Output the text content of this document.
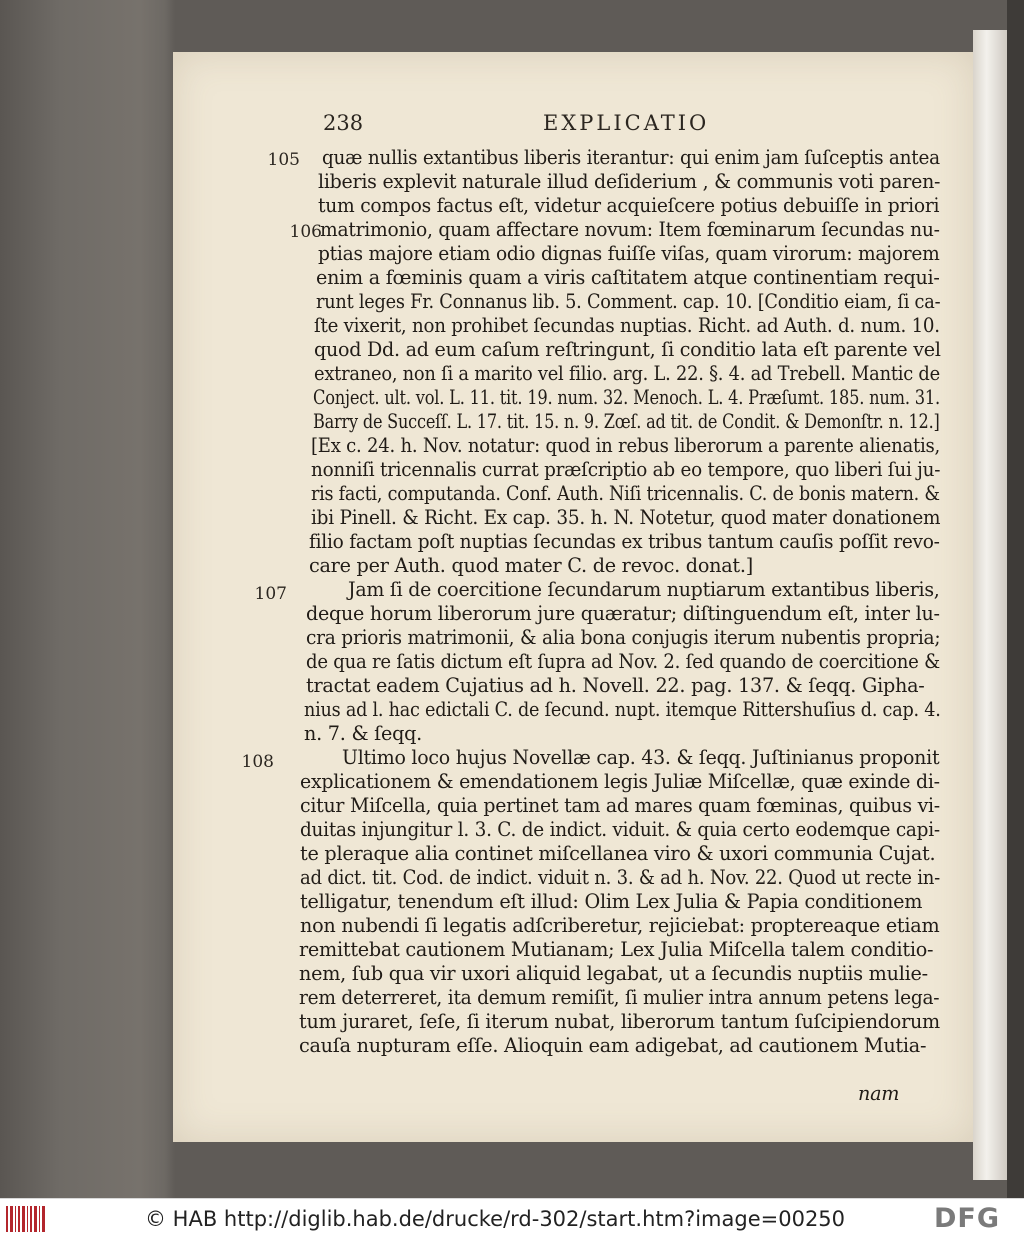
238	EXPLICATIO
105
106
107
108
quæ nullis extantibus liberis iterantur: qui enim jam ſuſceptis antea
liberis explevit naturale illud deſiderium , & communis voti paren-
tum compos factus eſt, videtur acquieſcere potius debuiſſe in priori
matrimonio, quam affectare novum: Item fœminarum ſecundas nu-
ptias majore etiam odio dignas fuiſſe viſas, quam virorum: majorem
enim a fœminis quam a viris caſtitatem atque continentiam requi-
runt leges Fr. Connanus lib. 5. Comment. cap. 10. [Conditio eiam, ſi ca-
ſte vixerit, non prohibet ſecundas nuptias. Richt. ad Auth. d. num. 10.
quod Dd. ad eum caſum reſtringunt, ſi conditio lata eſt parente vel
extraneo, non ſi a marito vel filio. arg. L. 22. §. 4. ad Trebell. Mantic de
Conject. ult. vol. L. 11. tit. 19. num. 32. Menoch. L. 4. Præſumt. 185. num. 31.
Barry de Succeſſ. L. 17. tit. 15. n. 9. Zœſ. ad tit. de Condit. & Demonſtr. n. 12.]
[Ex c. 24. h. Nov. notatur: quod in rebus liberorum a parente alienatis,
nonniſi tricennalis currat præſcriptio ab eo tempore, quo liberi ſui ju-
ris facti, computanda. Conf. Auth. Niſi tricennalis. C. de bonis matern. &
ibi Pinell. & Richt. Ex cap. 35. h. N. Notetur, quod mater donationem
filio factam poſt nuptias ſecundas ex tribus tantum cauſis poſſit revo-
care per Auth. quod mater C. de revoc. donat.]
Jam ſi de coercitione ſecundarum nuptiarum extantibus liberis,
deque horum liberorum jure quæratur; diſtinguendum eſt, inter lu-
cra prioris matrimonii, & alia bona conjugis iterum nubentis propria;
de qua re ſatis dictum eſt ſupra ad Nov. 2. ſed quando de coercitione &
tractat eadem Cujatius ad h. Novell. 22. pag. 137. & ſeqq. Gipha-
nius ad l. hac edictali C. de ſecund. nupt. itemque Rittershuſius d. cap. 4.
n. 7. & ſeqq.
Ultimo loco hujus Novellæ cap. 43. & ſeqq. Juſtinianus proponit
explicationem & emendationem legis Juliæ Miſcellæ, quæ exinde di-
citur Miſcella, quia pertinet tam ad mares quam fœminas, quibus vi-
duitas injungitur l. 3. C. de indict. viduit. & quia certo eodemque capi-
te pleraque alia continet miſcellanea viro & uxori communia Cujat.
ad dict. tit. Cod. de indict. viduit n. 3. & ad h. Nov. 22. Quod ut recte in-
telligatur, tenendum eſt illud: Olim Lex Julia & Papia conditionem
non nubendi ſi legatis adſcriberetur, rejiciebat: proptereaque etiam
remittebat cautionem Mutianam; Lex Julia Miſcella talem conditio-
nem, ſub qua vir uxori aliquid legabat, ut a ſecundis nuptiis mulie-
rem deterreret, ita demum remiſit, ſi mulier intra annum petens lega-
tum juraret, ſeſe, ſi iterum nubat, liberorum tantum ſuſcipiendorum
cauſa nupturam eſſe. Alioquin eam adigebat, ad cautionem Mutia-
nam
© HAB http://diglib.hab.de/drucke/rd-302/start.htm?image=00250	DFG
